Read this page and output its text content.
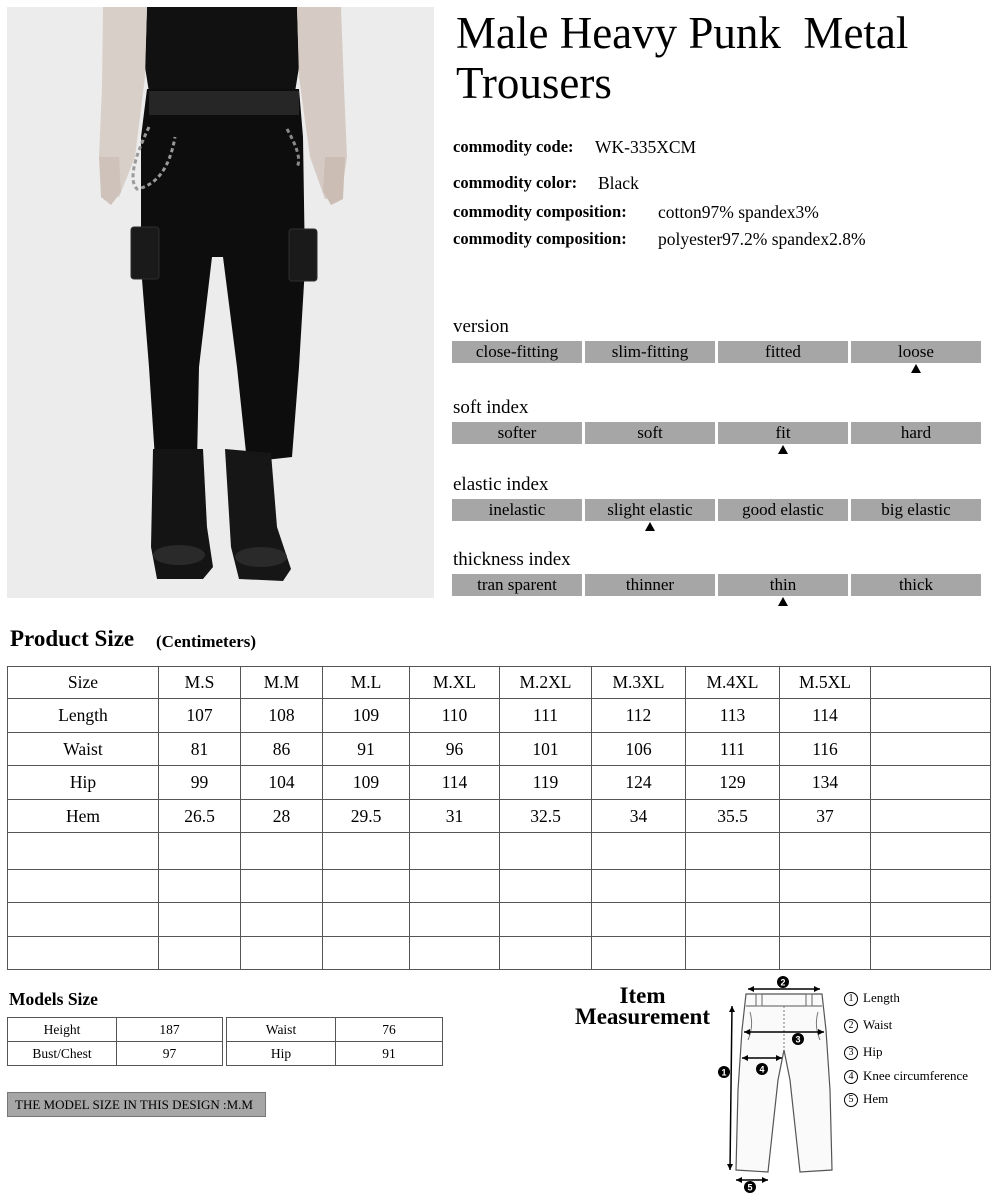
Male Heavy Punk  Metal
Trousers
commodity code: WK-335XCM
commodity color: Black
commodity composition: cotton97% spandex3%
commodity composition: polyester97.2% spandex2.8%
version
close-fitting	slim-fitting	fitted	loose
soft index
softer	soft	fit	hard
elastic index
inelastic	slight elastic	good elastic	big elastic
thickness index
tran sparent	thinner	thin	thick
Product Size (Centimeters)
Size	M.S	M.M	M.L	M.XL	M.2XL	M.3XL	M.4XL	M.5XL	
Length	107	108	109	110	111	112	113	114	
Waist	81	86	91	96	101	106	111	116	
Hip	99	104	109	114	119	124	129	134	
Hem	26.5	28	29.5	31	32.5	34	35.5	37	

Models Size
Height	187
Bust/Chest	97
Waist	76
Hip	91
THE MODEL SIZE IN THIS DESIGN :M.M
Item
Measurement
1
2
3
4
5
1 Length
2 Waist
3 Hip
4 Knee circumference
5 Hem
